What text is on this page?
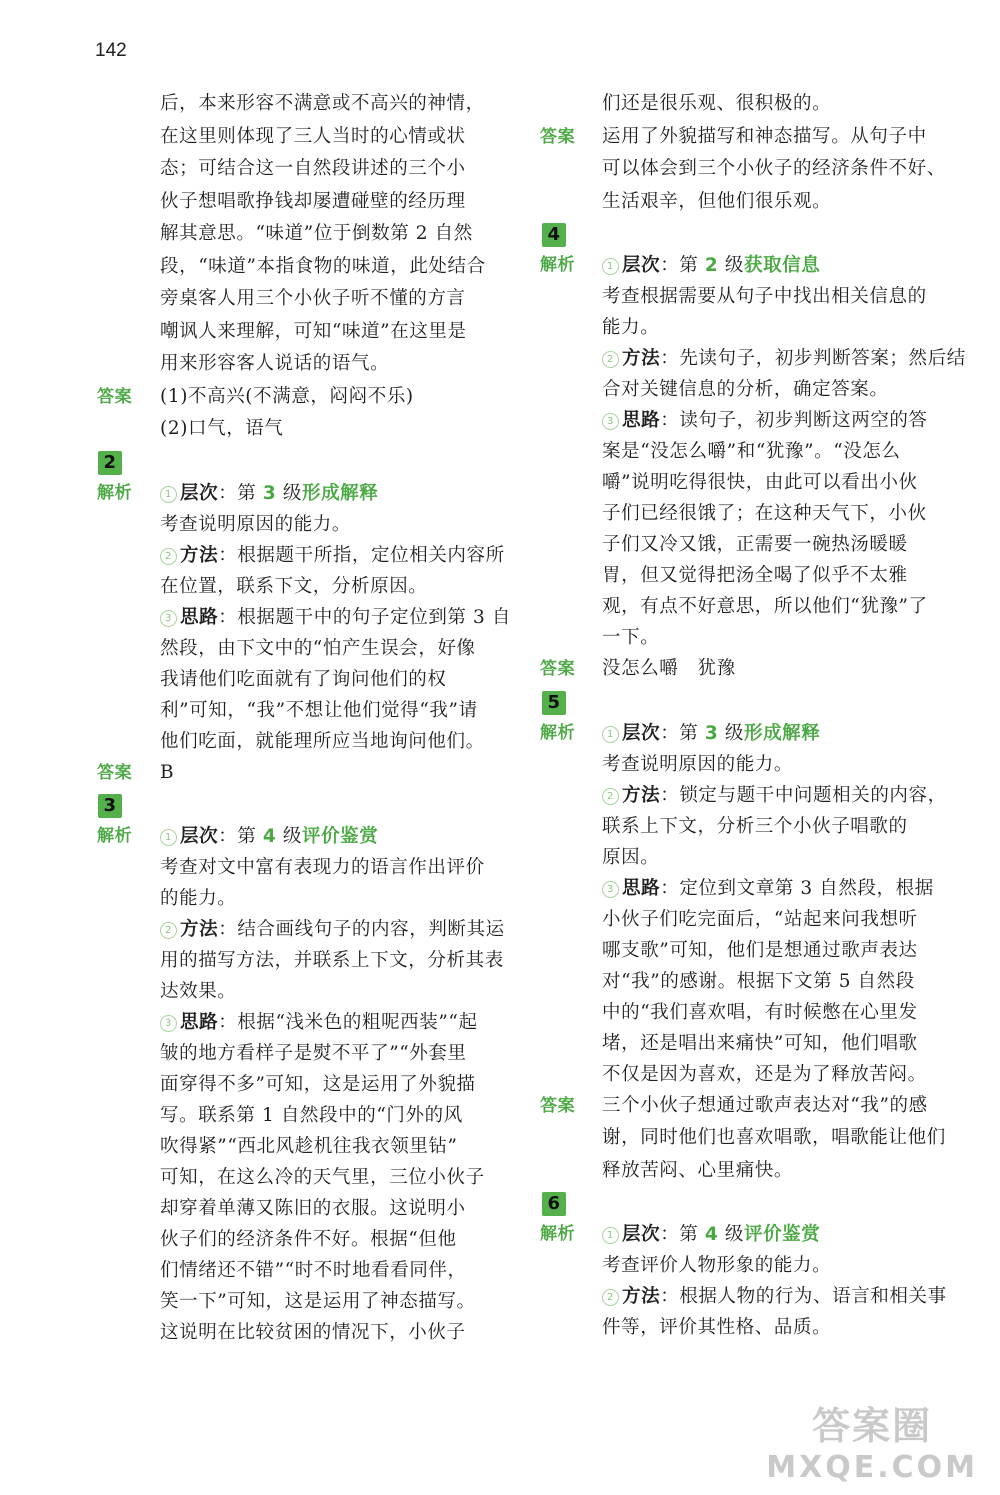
142
后，本来形容不满意或不高兴的神情，
在这里则体现了三人当时的心情或状
态；可结合这一自然段讲述的三个小
伙子想唱歌挣钱却屡遭碰壁的经历理
解其意思。“味道”位于倒数第 2 自然
段，“味道”本指食物的味道，此处结合
旁桌客人用三个小伙子听不懂的方言
嘲讽人来理解，可知“味道”在这里是
用来形容客人说话的语气。
答案 (1)不高兴(不满意，闷闷不乐)
(2)口气，语气
2
解析	1 层次：第 3 级形成解释
考查说明原因的能力。
2 方法：根据题干所指，定位相关内容所
在位置，联系下文，分析原因。
3 思路：根据题干中的句子定位到第 3 自
然段，由下文中的“怕产生误会，好像
我请他们吃面就有了询问他们的权
利”可知，“我”不想让他们觉得“我”请
他们吃面，就能理所应当地询问他们。
答案 B
3
解析	1 层次：第 4 级评价鉴赏
考查对文中富有表现力的语言作出评价
的能力。
2 方法：结合画线句子的内容，判断其运
用的描写方法，并联系上下文，分析其表
达效果。
3 思路：根据“浅米色的粗呢西装”“起
皱的地方看样子是熨不平了”“外套里
面穿得不多”可知，这是运用了外貌描
写。联系第 1 自然段中的“门外的风
吹得紧”“西北风趁机往我衣领里钻”
可知，在这么冷的天气里，三位小伙子
却穿着单薄又陈旧的衣服。这说明小
伙子们的经济条件不好。根据“但他
们情绪还不错”“时不时地看看同伴，
笑一下”可知，这是运用了神态描写。
这说明在比较贫困的情况下，小伙子
们还是很乐观、很积极的。
答案 运用了外貌描写和神态描写。从句子中
可以体会到三个小伙子的经济条件不好、
生活艰辛，但他们很乐观。
4
解析	1 层次：第 2 级获取信息
考查根据需要从句子中找出相关信息的
能力。
2 方法：先读句子，初步判断答案；然后结
合对关键信息的分析，确定答案。
3 思路：读句子，初步判断这两空的答
案是“没怎么嚼”和“犹豫”。“没怎么
嚼”说明吃得很快，由此可以看出小伙
子们已经很饿了；在这种天气下，小伙
子们又冷又饿，正需要一碗热汤暖暖
胃，但又觉得把汤全喝了似乎不太雅
观，有点不好意思，所以他们“犹豫”了
一下。
答案 没怎么嚼　犹豫
5
解析	1 层次：第 3 级形成解释
考查说明原因的能力。
2 方法：锁定与题干中问题相关的内容，
联系上下文，分析三个小伙子唱歌的
原因。
3 思路：定位到文章第 3 自然段，根据
小伙子们吃完面后，“站起来问我想听
哪支歌”可知，他们是想通过歌声表达
对“我”的感谢。根据下文第 5 自然段
中的“我们喜欢唱，有时候憋在心里发
堵，还是唱出来痛快”可知，他们唱歌
不仅是因为喜欢，还是为了释放苦闷。
答案 三个小伙子想通过歌声表达对“我”的感
谢，同时他们也喜欢唱歌，唱歌能让他们
释放苦闷、心里痛快。
6
解析	1 层次：第 4 级评价鉴赏
考查评价人物形象的能力。
2 方法：根据人物的行为、语言和相关事
件等，评价其性格、品质。
答案圈
MXQE.COM
